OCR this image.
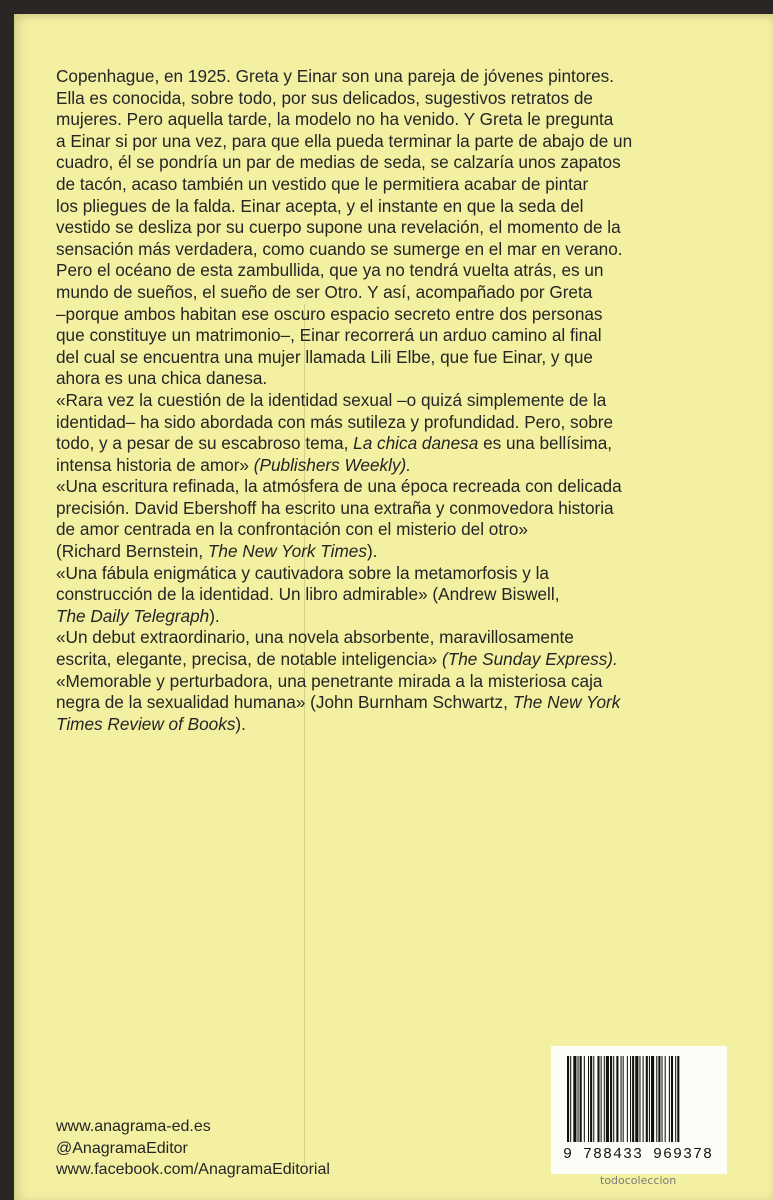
Copenhague, en 1925. Greta y Einar son una pareja de jóvenes pintores.
Ella es conocida, sobre todo, por sus delicados, sugestivos retratos de
mujeres. Pero aquella tarde, la modelo no ha venido. Y Greta le pregunta
a Einar si por una vez, para que ella pueda terminar la parte de abajo de un
cuadro, él se pondría un par de medias de seda, se calzaría unos zapatos
de tacón, acaso también un vestido que le permitiera acabar de pintar
los pliegues de la falda. Einar acepta, y el instante en que la seda del
vestido se desliza por su cuerpo supone una revelación, el momento de la
sensación más verdadera, como cuando se sumerge en el mar en verano.
Pero el océano de esta zambullida, que ya no tendrá vuelta atrás, es un
mundo de sueños, el sueño de ser Otro. Y así, acompañado por Greta
–porque ambos habitan ese oscuro espacio secreto entre dos personas
que constituye un matrimonio–, Einar recorrerá un arduo camino al final
del cual se encuentra una mujer llamada Lili Elbe, que fue Einar, y que
ahora es una chica danesa.

«Rara vez la cuestión de la identidad sexual –o quizá simplemente de la
identidad– ha sido abordada con más sutileza y profundidad. Pero, sobre
todo, y a pesar de su escabroso tema, La chica danesa es una bellísima,
intensa historia de amor» (Publishers Weekly).

«Una escritura refinada, la atmósfera de una época recreada con delicada
precisión. David Ebershoff ha escrito una extraña y conmovedora historia
de amor centrada en la confrontación con el misterio del otro»
(Richard Bernstein, The New York Times).

«Una fábula enigmática y cautivadora sobre la metamorfosis y la
construcción de la identidad. Un libro admirable» (Andrew Biswell,
The Daily Telegraph).

«Un debut extraordinario, una novela absorbente, maravillosamente
escrita, elegante, precisa, de notable inteligencia» (The Sunday Express).

«Memorable y perturbadora, una penetrante mirada a la misteriosa caja
negra de la sexualidad humana» (John Burnham Schwartz, The New York
Times Review of Books).

www.anagrama-ed.es
@AnagramaEditor
www.facebook.com/AnagramaEditorial
9 788433 969378
todocoleccion
